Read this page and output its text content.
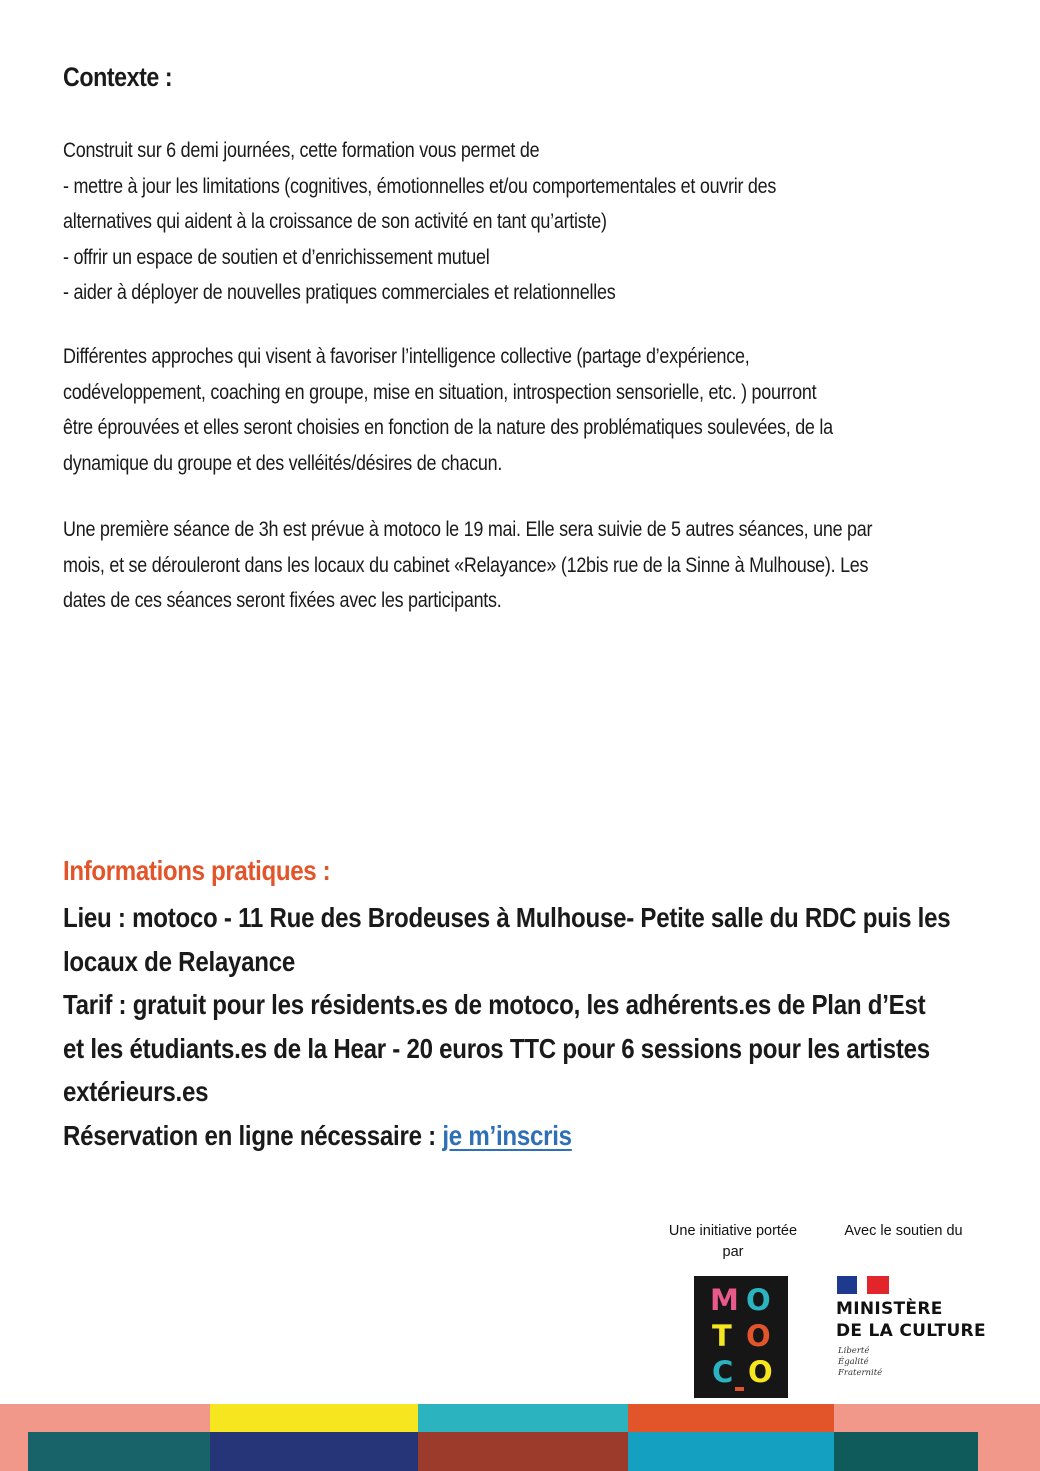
Contexte :
Construit sur 6 demi journées, cette formation vous permet de
- mettre à jour les limitations (cognitives, émotionnelles et/ou comportementales et ouvrir des
alternatives qui aident à la croissance de son activité en tant qu’artiste)
- offrir un espace de soutien et d’enrichissement mutuel
- aider à déployer de nouvelles pratiques commerciales et relationnelles
Différentes approches qui visent à favoriser l’intelligence collective (partage d’expérience,
codéveloppement, coaching en groupe, mise en situation, introspection sensorielle, etc. ) pourront
être éprouvées et elles seront choisies en fonction de la nature des problématiques soulevées, de la
dynamique du groupe et des velléités/désires de chacun.
Une première séance de 3h est prévue à motoco le 19 mai. Elle sera suivie de 5 autres séances, une par
mois, et se dérouleront dans les locaux du cabinet «Relayance» (12bis rue de la Sinne à Mulhouse). Les
dates de ces séances seront fixées avec les participants.
Informations pratiques :
Lieu : motoco - 11 Rue des Brodeuses à Mulhouse- Petite salle du RDC puis les
locaux de Relayance
Tarif : gratuit pour les résidents.es de motoco, les adhérents.es de Plan d’Est
et les étudiants.es de la Hear - 20 euros TTC pour 6 sessions pour les artistes
extérieurs.es
Réservation en ligne nécessaire : je m’inscris
Une initiative portée
par
Avec le soutien du
M O
T O
C O
MINISTÈRE
DE LA CULTURE
Liberté
Égalité
Fraternité
